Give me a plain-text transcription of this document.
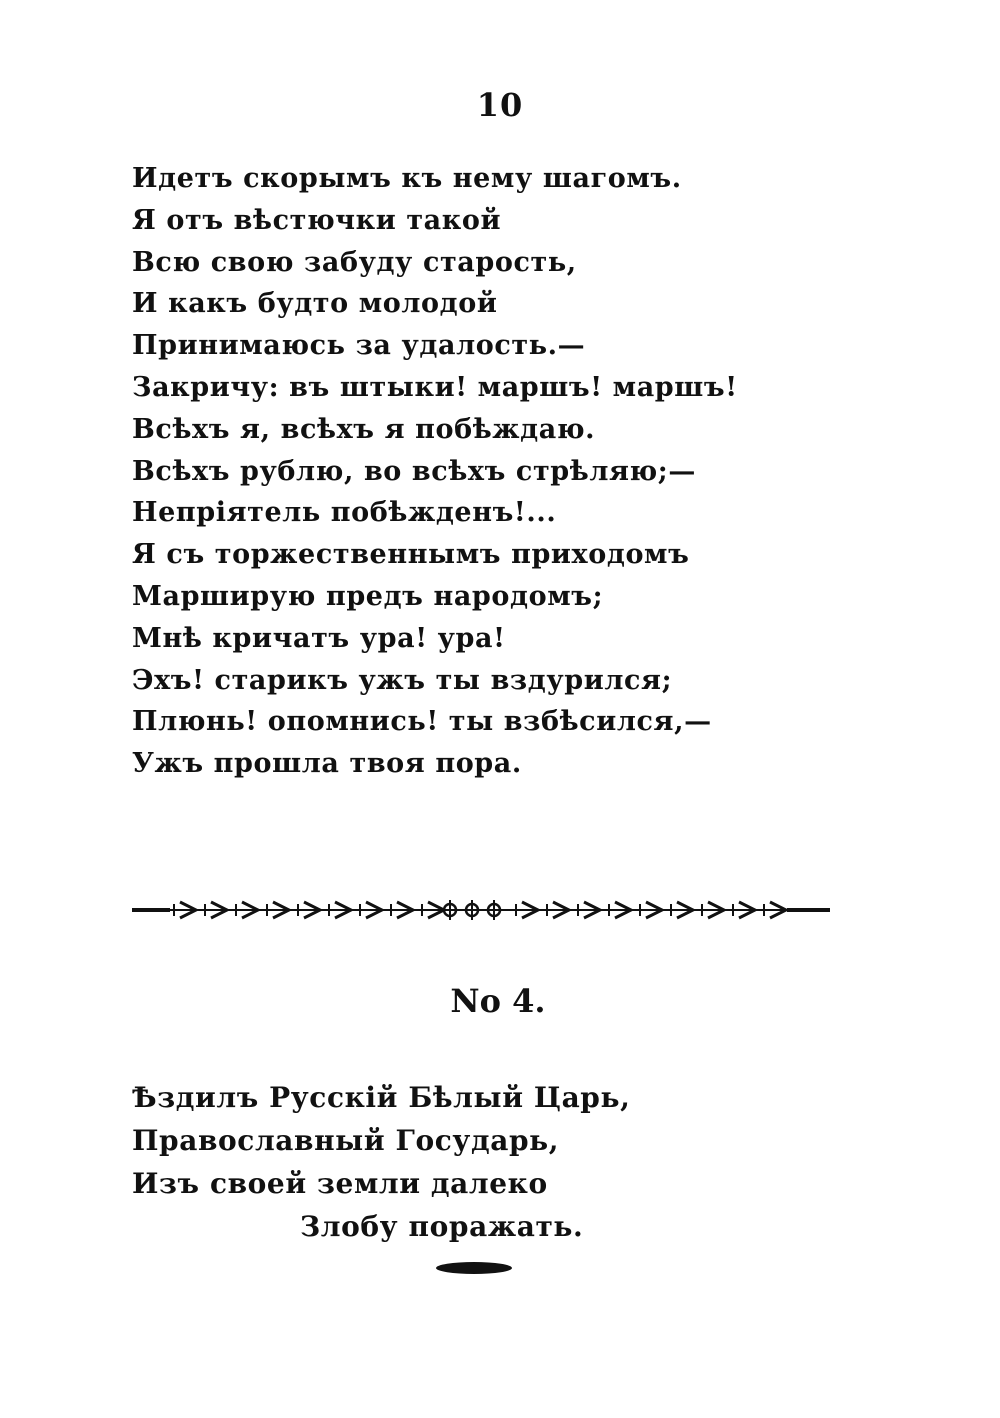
10
Идетъ скорымъ къ нему шагомъ.
Я отъ вѣстючки такой
Всю свою забуду старость,
И какъ будто молодой
Принимаюсь за удалость.—
Закричу: въ штыки! маршъ! маршъ!
Всѣхъ я, всѣхъ я побѣждаю.
Всѣхъ рублю, во всѣхъ стрѣляю;—
Непріятель побѣжденъ!...
Я съ торжественнымъ приходомъ
Марширую предъ народомъ;
Мнѣ кричатъ ура! ура!
Эхъ! старикъ ужъ ты вздурился;
Плюнь! опомнись! ты взбѣсился,—
Ужъ прошла твоя пора.
No 4.
Ѣздилъ Русскій Бѣлый Царь,
Православный Государь,
Изъ своей земли далеко
Злобу поражать.
